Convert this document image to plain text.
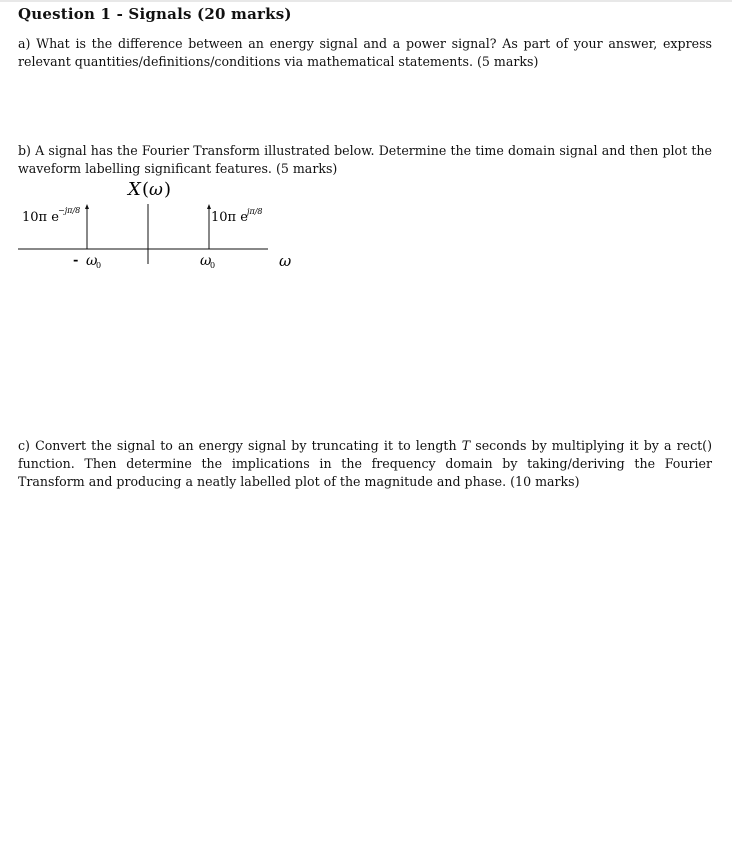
Question 1 - Signals (20 marks)
a) What is the difference between an energy signal and a power signal? As part of your answer, express relevant quantities/definitions/conditions via mathematical statements. (5 marks)
b) A signal has the Fourier Transform illustrated below. Determine the time domain signal and then plot the waveform labelling significant features. (5 marks)
X ( ω )
10π e −jπ/8	10π e jπ/8
- ω
0	ω
0	ω
c) Convert the signal to an energy signal by truncating it to length T seconds by multiplying it by a rect() function. Then determine the implications in the frequency domain by taking/deriving the Fourier Transform and producing a neatly labelled plot of the magnitude and phase. (10 marks)
